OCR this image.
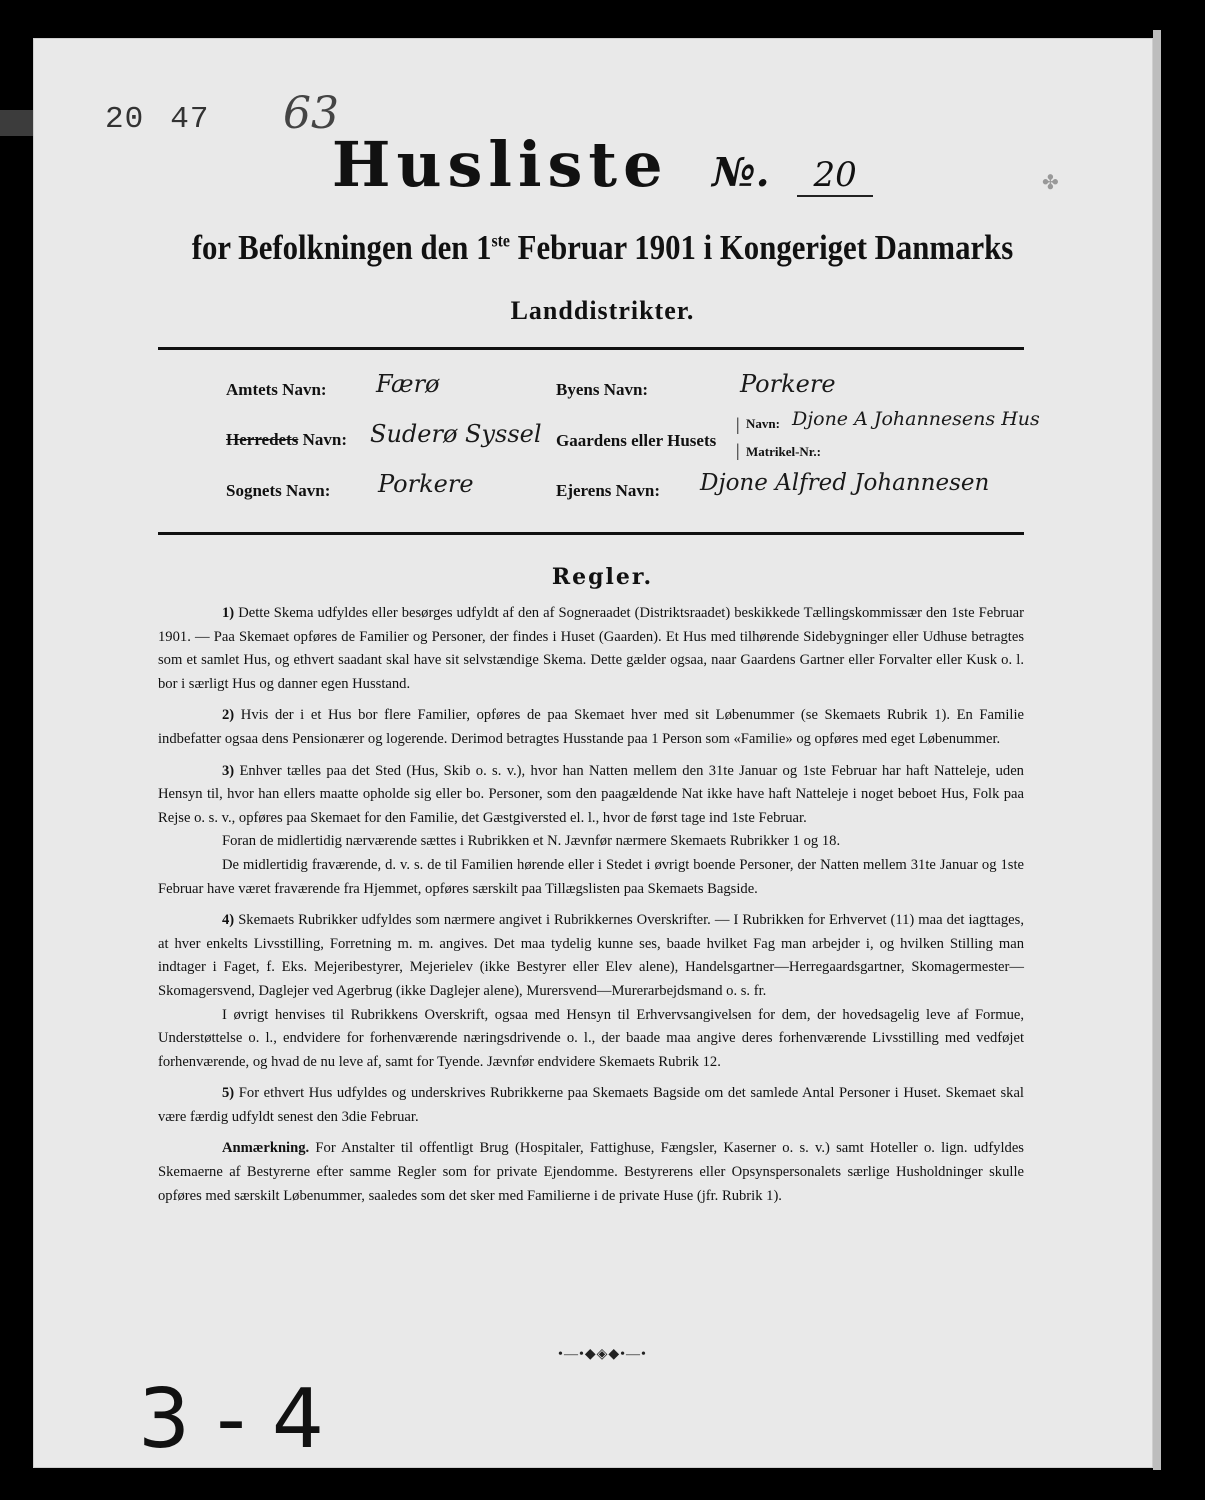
20 47	63
✤
Husliste №. 20
for Befolkningen den 1ste Februar 1901 i Kongeriget Danmarks
Landdistrikter.
Amtets Navn: Færø
Herredets Navn: Suderø Syssel
Sognets Navn: Porkere
Byens Navn:	Porkere
Gaardens eller Husets
|
|
Navn: Djone A Johannesens Hus
Matrikel-Nr.:
Ejerens Navn: Djone Alfred Johannesen
Regler.

1) Dette Skema udfyldes eller besørges udfyldt af den af Sogneraadet (Distriktsraadet) beskikkede Tællingskommissær den 1ste Februar 1901. — Paa Skemaet opføres de Familier og Personer, der findes i Huset (Gaarden). Et Hus med tilhørende Sidebygninger eller Udhuse betragtes som et samlet Hus, og ethvert saadant skal have sit selvstændige Skema. Dette gælder ogsaa, naar Gaardens Gartner eller Forvalter eller Kusk o. l. bor i særligt Hus og danner egen Husstand.

2) Hvis der i et Hus bor flere Familier, opføres de paa Skemaet hver med sit Løbenummer (se Skemaets Rubrik 1). En Familie indbefatter ogsaa dens Pensionærer og logerende. Derimod betragtes Husstande paa 1 Person som «Familie» og opføres med eget Løbenummer.

3) Enhver tælles paa det Sted (Hus, Skib o. s. v.), hvor han Natten mellem den 31te Januar og 1ste Februar har haft Natteleje, uden Hensyn til, hvor han ellers maatte opholde sig eller bo. Personer, som den paagældende Nat ikke have haft Natteleje i noget beboet Hus, Folk paa Rejse o. s. v., opføres paa Skemaet for den Familie, det Gæstgiversted el. l., hvor de først tage ind 1ste Februar.

Foran de midlertidig nærværende sættes i Rubrikken et N. Jævnfør nærmere Skemaets Rubrikker 1 og 18.

De midlertidig fraværende, d. v. s. de til Familien hørende eller i Stedet i øvrigt boende Personer, der Natten mellem 31te Januar og 1ste Februar have været fraværende fra Hjemmet, opføres særskilt paa Tillægslisten paa Skemaets Bagside.

4) Skemaets Rubrikker udfyldes som nærmere angivet i Rubrikkernes Overskrifter. — I Rubrikken for Erhvervet (11) maa det iagttages, at hver enkelts Livsstilling, Forretning m. m. angives. Det maa tydelig kunne ses, baade hvilket Fag man arbejder i, og hvilken Stilling man indtager i Faget, f. Eks. Mejeribestyrer, Mejerielev (ikke Bestyrer eller Elev alene), Handelsgartner—Herregaardsgartner, Skomagermester—Skomagersvend, Daglejer ved Agerbrug (ikke Daglejer alene), Murersvend—Murerarbejdsmand o. s. fr.

I øvrigt henvises til Rubrikkens Overskrift, ogsaa med Hensyn til Erhvervsangivelsen for dem, der hovedsagelig leve af Formue, Understøttelse o. l., endvidere for forhenværende næringsdrivende o. l., der baade maa angive deres forhenværende Livsstilling med vedføjet forhenværende, og hvad de nu leve af, samt for Tyende. Jævnfør endvidere Skemaets Rubrik 12.

5) For ethvert Hus udfyldes og underskrives Rubrikkerne paa Skemaets Bagside om det samlede Antal Personer i Huset. Skemaet skal være færdig udfyldt senest den 3die Februar.

Anmærkning. For Anstalter til offentligt Brug (Hospitaler, Fattighuse, Fængsler, Kaserner o. s. v.) samt Hoteller o. lign. udfyldes Skemaerne af Bestyrerne efter samme Regler som for private Ejendomme. Bestyrerens eller Opsynspersonalets særlige Husholdninger skulle opføres med særskilt Løbenummer, saaledes som det sker med Familierne i de private Huse (jfr. Rubrik 1).

•—•◆◈◆•—•
3 - 4
